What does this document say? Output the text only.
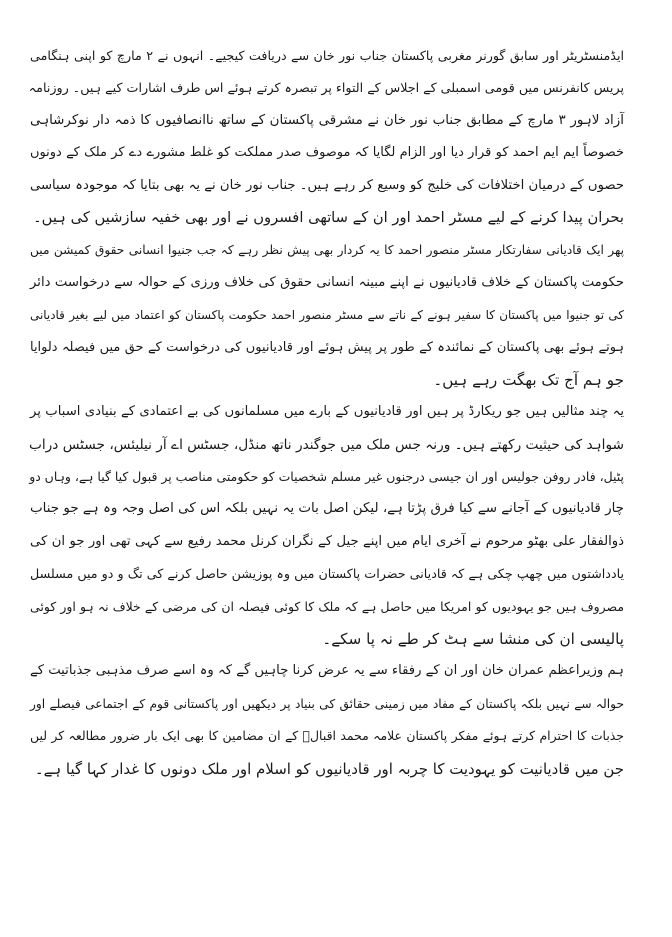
ایڈمنسٹریٹر اور سابق گورنر مغربی پاکستان جناب نور خان سے دریافت کیجیے۔ انہوں نے ۲ مارچ کو اپنی ہنگامی
پریس کانفرنس میں قومی اسمبلی کے اجلاس کے التواء پر تبصرہ کرتے ہوئے اس طرف اشارات کیے ہیں۔ روزنامہ
آزاد لاہور ۳ مارچ کے مطابق جناب نور خان نے مشرقی پاکستان کے ساتھ ناانصافیوں کا ذمہ دار نوکرشاہی
خصوصاً ایم ایم احمد کو قرار دیا اور الزام لگایا کہ موصوف صدر مملکت کو غلط مشورے دے کر ملک کے دونوں
حصوں کے درمیان اختلافات کی خلیج کو وسیع کر رہے ہیں۔ جناب نور خان نے یہ بھی بتایا کہ موجودہ سیاسی
بحران پیدا کرنے کے لیے مسٹر احمد اور ان کے ساتھی افسروں نے اور بھی خفیہ سازشیں کی ہیں۔
پھر ایک قادیانی سفارتکار مسٹر منصور احمد کا یہ کردار بھی پیش نظر رہے کہ جب جنیوا انسانی حقوق کمیشن میں
حکومت پاکستان کے خلاف قادیانیوں نے اپنے مبینہ انسانی حقوق کی خلاف ورزی کے حوالہ سے درخواست دائر
کی تو جنیوا میں پاکستان کا سفیر ہونے کے ناتے سے مسٹر منصور احمد حکومت پاکستان کو اعتماد میں لیے بغیر قادیانی
ہوتے ہوئے بھی پاکستان کے نمائندہ کے طور پر پیش ہوئے اور قادیانیوں کی درخواست کے حق میں فیصلہ دلوایا
جو ہم آج تک بھگت رہے ہیں۔
یہ چند مثالیں ہیں جو ریکارڈ پر ہیں اور قادیانیوں کے بارے میں مسلمانوں کی بے اعتمادی کے بنیادی اسباب پر
شواہد کی حیثیت رکھتے ہیں۔ ورنہ جس ملک میں جوگندر ناتھ منڈل، جسٹس اے آر نیلیئس، جسٹس دراب
پٹیل، فادر روفن جولیس اور ان جیسی درجنوں غیر مسلم شخصیات کو حکومتی مناصب پر قبول کیا گیا ہے، وہاں دو
چار قادیانیوں کے آجانے سے کیا فرق پڑتا ہے، لیکن اصل بات یہ نہیں بلکہ اس کی اصل وجہ وہ ہے جو جناب
ذوالفقار علی بھٹو مرحوم نے آخری ایام میں اپنے جیل کے نگران کرنل محمد رفیع سے کہی تھی اور جو ان کی
یادداشتوں میں چھپ چکی ہے کہ قادیانی حضرات پاکستان میں وہ پوزیشن حاصل کرنے کی تگ و دو میں مسلسل
مصروف ہیں جو یہودیوں کو امریکا میں حاصل ہے کہ ملک کا کوئی فیصلہ ان کی مرضی کے خلاف نہ ہو اور کوئی
پالیسی ان کی منشا سے ہٹ کر طے نہ پا سکے۔
ہم وزیراعظم عمران خان اور ان کے رفقاء سے یہ عرض کرنا چاہیں گے کہ وہ اسے صرف مذہبی جذباتیت کے
حوالہ سے نہیں بلکہ پاکستان کے مفاد میں زمینی حقائق کی بنیاد پر دیکھیں اور پاکستانی قوم کے اجتماعی فیصلے اور
جذبات کا احترام کرتے ہوئے مفکر پاکستان علامہ محمد اقبالؒ کے ان مضامین کا بھی ایک بار ضرور مطالعہ کر لیں
جن میں قادیانیت کو یہودیت کا چربہ اور قادیانیوں کو اسلام اور ملک دونوں کا غدار کہا گیا ہے۔
